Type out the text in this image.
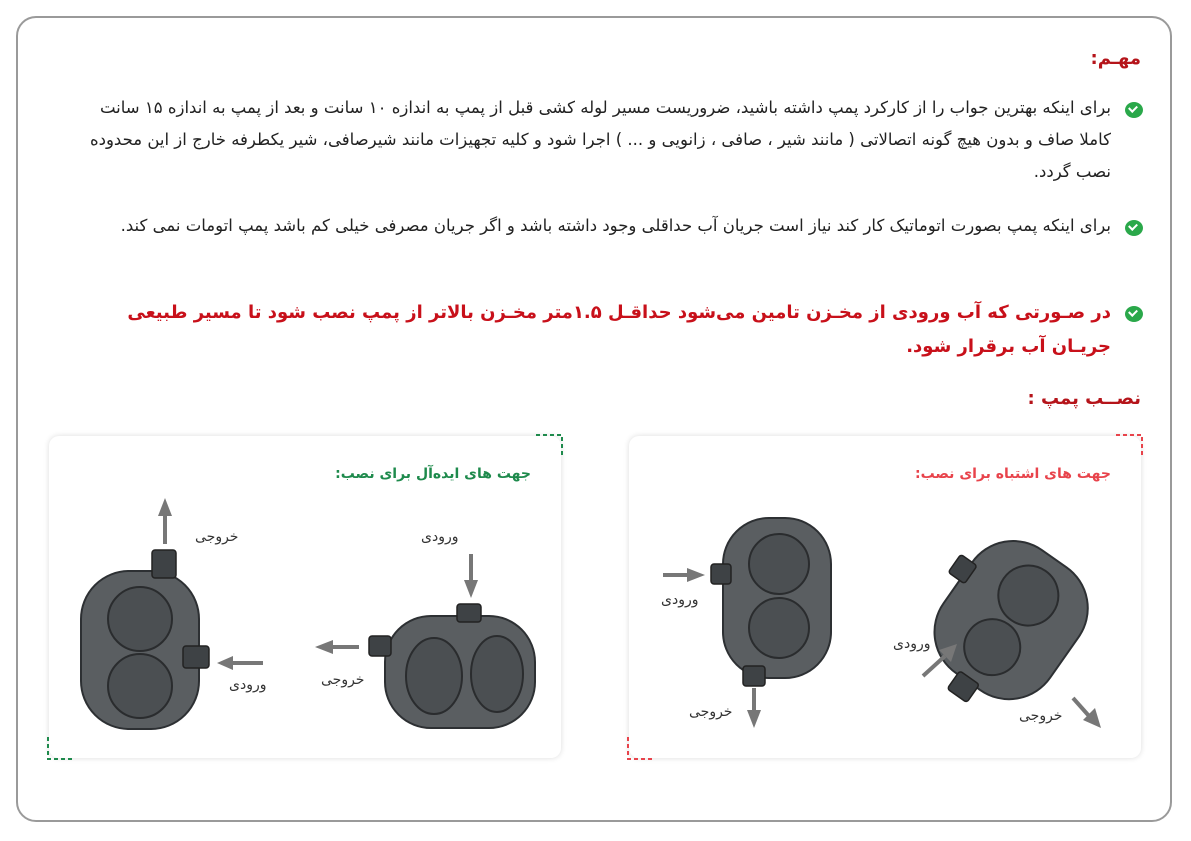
مهـم:
برای اینکه بهترین جواب را از کارکرد پمپ داشته باشید، ضروریست مسیر لوله کشی قبل از پمپ به اندازه ۱۰ سانت و بعد از پمپ به اندازه ۱۵ سانت کاملا صاف و بدون هیچ گونه اتصالاتی ( مانند شیر ، صافی ، زانویی و ... ) اجرا شود و کلیه تجهیزات مانند شیرصافی، شیر یکطرفه خارج از این محدوده نصب گردد.
برای اینکه پمپ بصورت اتوماتیک کار کند نیاز است جریان آب حداقلی وجود داشته باشد و اگر جریان مصرفی خیلی کم باشد پمپ اتومات نمی کند.
در صـورتی که آب ورودی از مخـزن تامین می‌شود حداقـل ۱.۵متر مخـزن بالاتر از پمپ نصب شود تا مسیر طبیعی جریـان آب برقرار شود.
نصــب پمپ :
جهت های ایده‌آل برای نصب:
خروجی
ورودی
ورودی
خروجی
جهت های اشتباه برای نصب:
ورودی
خروجی
ورودی
خروجی
